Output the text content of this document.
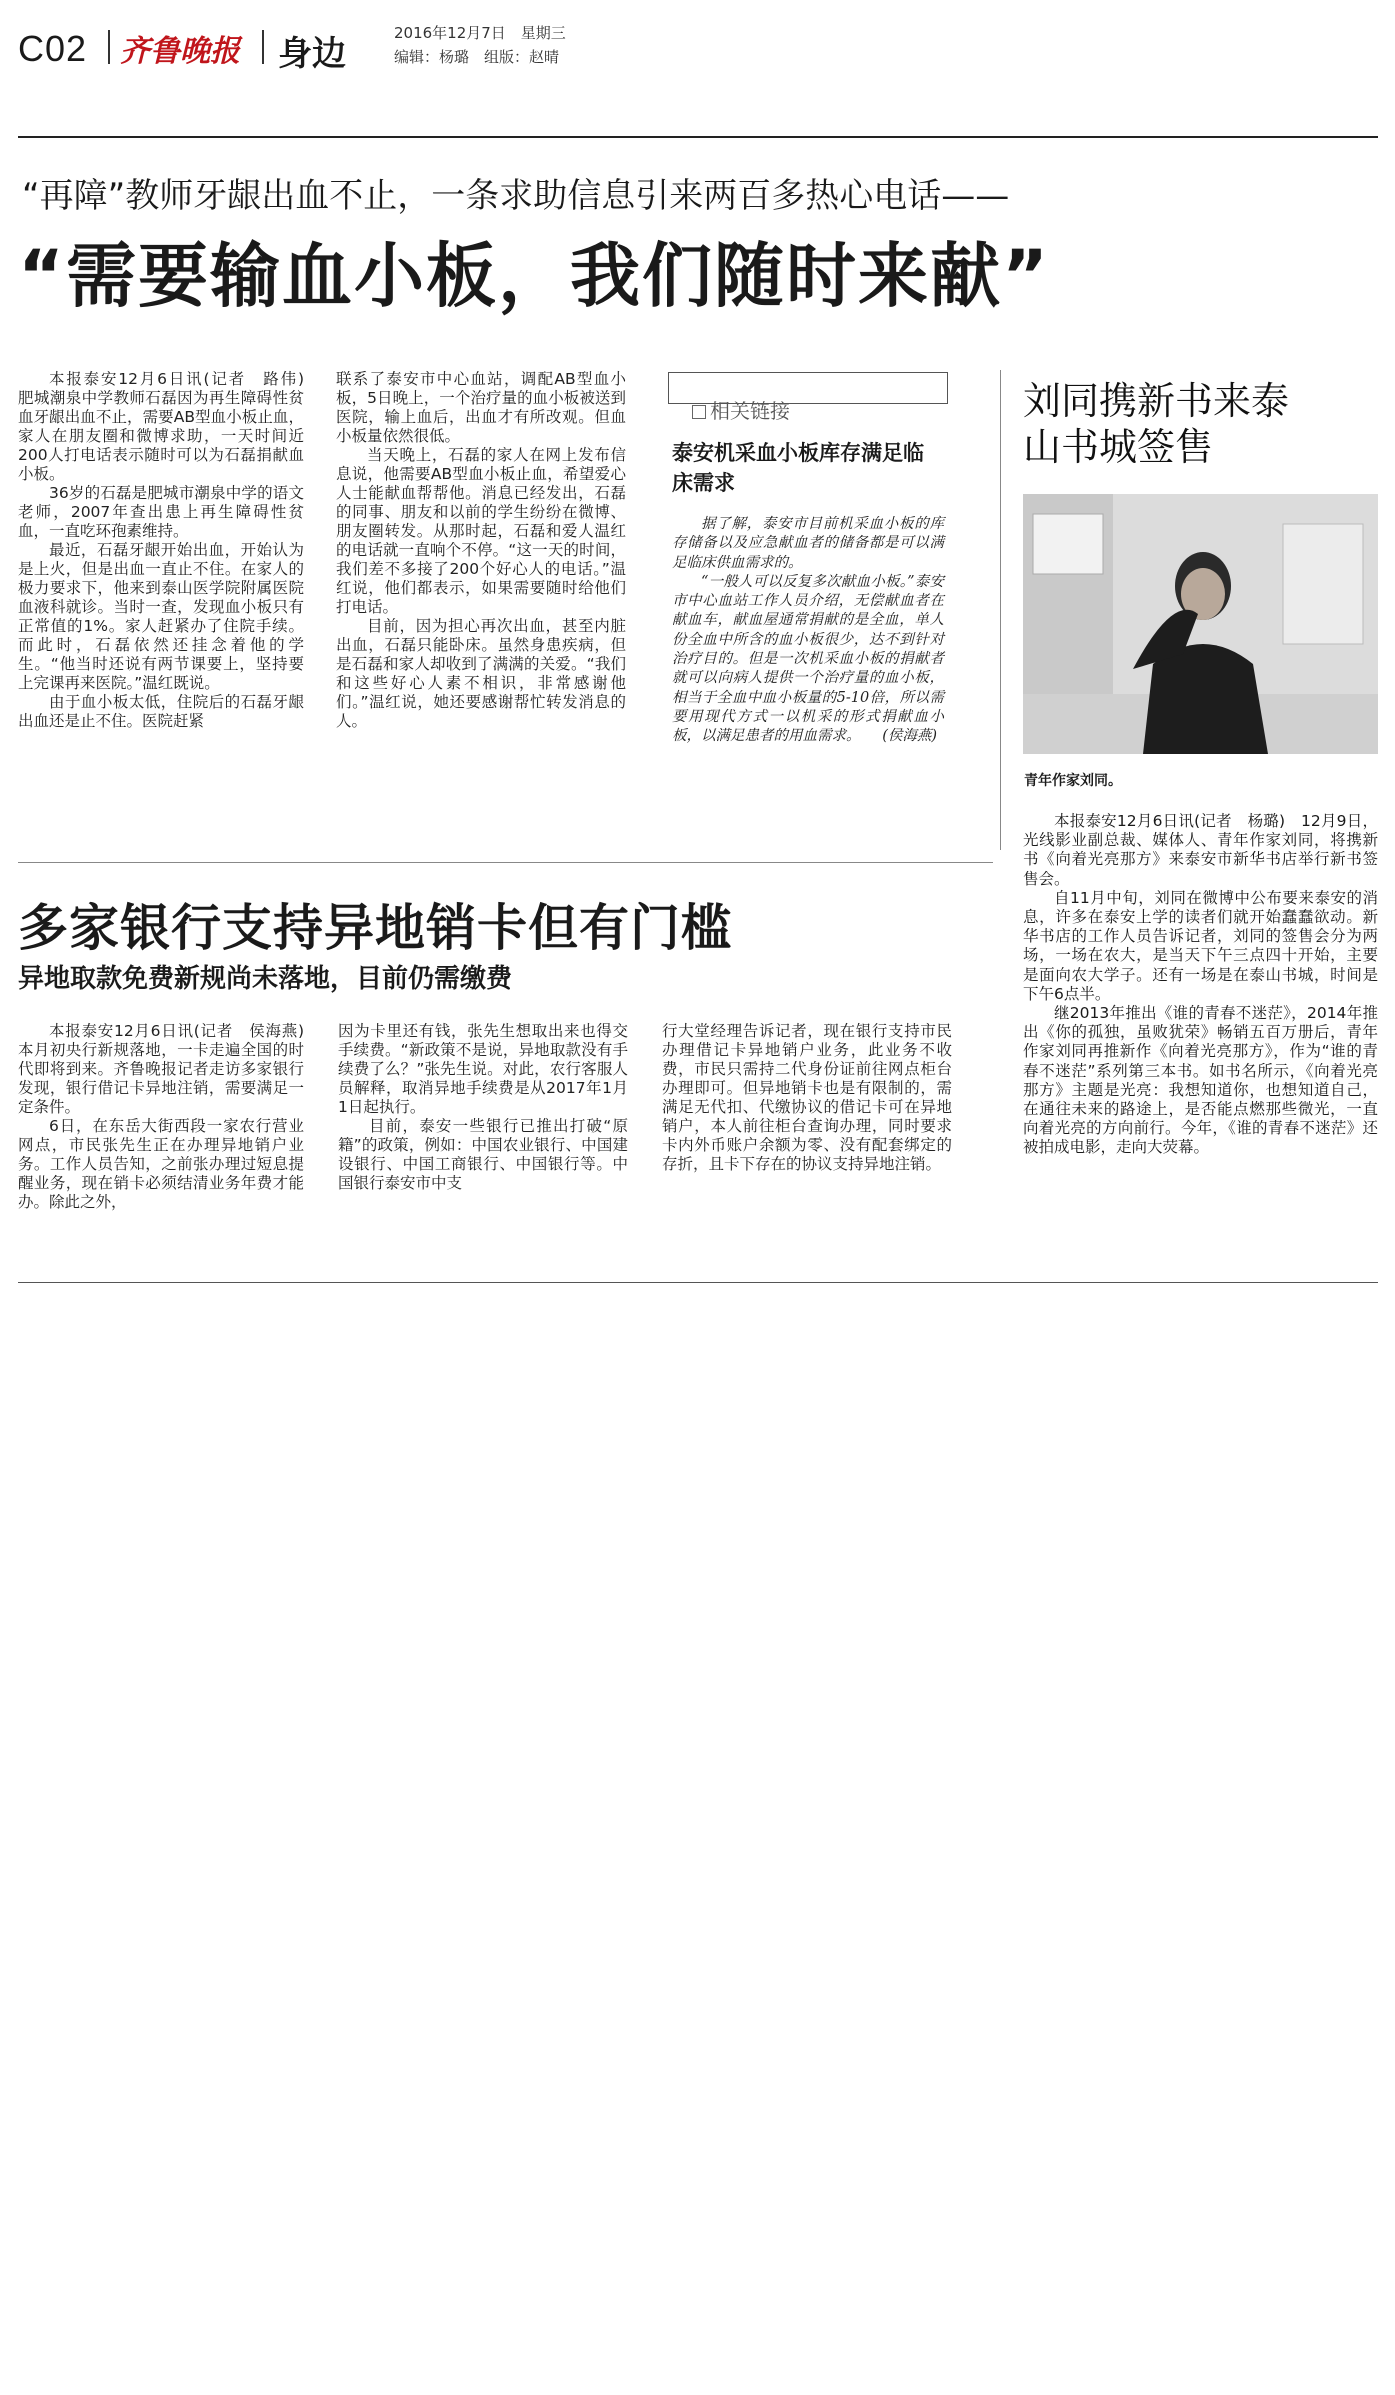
C02 齐鲁晚报 身边
2016年12月7日　星期三
编辑：杨璐　组版：赵晴
“再障”教师牙龈出血不止，一条求助信息引来两百多热心电话——
“需要输血小板，我们随时来献”

本报泰安12月6日讯(记者　路伟)　肥城潮泉中学教师石磊因为再生障碍性贫血牙龈出血不止，需要AB型血小板止血，家人在朋友圈和微博求助，一天时间近200人打电话表示随时可以为石磊捐献血小板。

36岁的石磊是肥城市潮泉中学的语文老师，2007年查出患上再生障碍性贫血，一直吃环孢素维持。

最近，石磊牙龈开始出血，开始认为是上火，但是出血一直止不住。在家人的极力要求下，他来到泰山医学院附属医院血液科就诊。当时一查，发现血小板只有正常值的1%。家人赶紧办了住院手续。而此时，石磊依然还挂念着他的学生。“他当时还说有两节课要上，坚持要上完课再来医院。”温红既说。

由于血小板太低，住院后的石磊牙龈出血还是止不住。医院赶紧

联系了泰安市中心血站，调配AB型血小板，5日晚上，一个治疗量的血小板被送到医院，输上血后，出血才有所改观。但血小板量依然很低。

当天晚上，石磊的家人在网上发布信息说，他需要AB型血小板止血，希望爱心人士能献血帮帮他。消息已经发出，石磊的同事、朋友和以前的学生纷纷在微博、朋友圈转发。从那时起，石磊和爱人温红的电话就一直响个不停。“这一天的时间，我们差不多接了200个好心人的电话。”温红说，他们都表示，如果需要随时给他们打电话。

目前，因为担心再次出血，甚至内脏出血，石磊只能卧床。虽然身患疾病，但是石磊和家人却收到了满满的关爱。“我们和这些好心人素不相识，非常感谢他们。”温红说，她还要感谢帮忙转发消息的人。

相关链接
泰安机采血小板库存满足临床需求

据了解，泰安市目前机采血小板的库存储备以及应急献血者的储备都是可以满足临床供血需求的。

“一般人可以反复多次献血小板。”泰安市中心血站工作人员介绍，无偿献血者在献血车，献血屋通常捐献的是全血，单人份全血中所含的血小板很少，达不到针对治疗目的。但是一次机采血小板的捐献者就可以向病人提供一个治疗量的血小板，相当于全血中血小板量的5-10倍，所以需要用现代方式一以机采的形式捐献血小板，以满足患者的用血需求。　　(侯海燕)

刘同携新书来泰山书城签售
青年作家刘同。

本报泰安12月6日讯(记者　杨璐)　12月9日，光线影业副总裁、媒体人、青年作家刘同，将携新书《向着光亮那方》来泰安市新华书店举行新书签售会。

自11月中旬，刘同在微博中公布要来泰安的消息，许多在泰安上学的读者们就开始蠢蠢欲动。新华书店的工作人员告诉记者，刘同的签售会分为两场，一场在农大，是当天下午三点四十开始，主要是面向农大学子。还有一场是在泰山书城，时间是下午6点半。

继2013年推出《谁的青春不迷茫》，2014年推出《你的孤独，虽败犹荣》畅销五百万册后，青年作家刘同再推新作《向着光亮那方》，作为“谁的青春不迷茫”系列第三本书。如书名所示，《向着光亮那方》主题是光亮：我想知道你，也想知道自己，在通往未来的路途上，是否能点燃那些微光，一直向着光亮的方向前行。今年，《谁的青春不迷茫》还被拍成电影，走向大荧幕。

多家银行支持异地销卡但有门槛
异地取款免费新规尚未落地，目前仍需缴费

本报泰安12月6日讯(记者　侯海燕)　本月初央行新规落地，一卡走遍全国的时代即将到来。齐鲁晚报记者走访多家银行发现，银行借记卡异地注销，需要满足一定条件。

6日，在东岳大街西段一家农行营业网点，市民张先生正在办理异地销户业务。工作人员告知，之前张办理过短息提醒业务，现在销卡必须结清业务年费才能办。除此之外，

因为卡里还有钱，张先生想取出来也得交手续费。“新政策不是说，异地取款没有手续费了么？”张先生说。对此，农行客服人员解释，取消异地手续费是从2017年1月1日起执行。

目前，泰安一些银行已推出打破“原籍”的政策，例如：中国农业银行、中国建设银行、中国工商银行、中国银行等。中国银行泰安市中支

行大堂经理告诉记者，现在银行支持市民办理借记卡异地销户业务，此业务不收费，市民只需持二代身份证前往网点柜台办理即可。但异地销卡也是有限制的，需满足无代扣、代缴协议的借记卡可在异地销户，本人前往柜台查询办理，同时要求卡内外币账户余额为零、没有配套绑定的存折，且卡下存在的协议支持异地注销。
